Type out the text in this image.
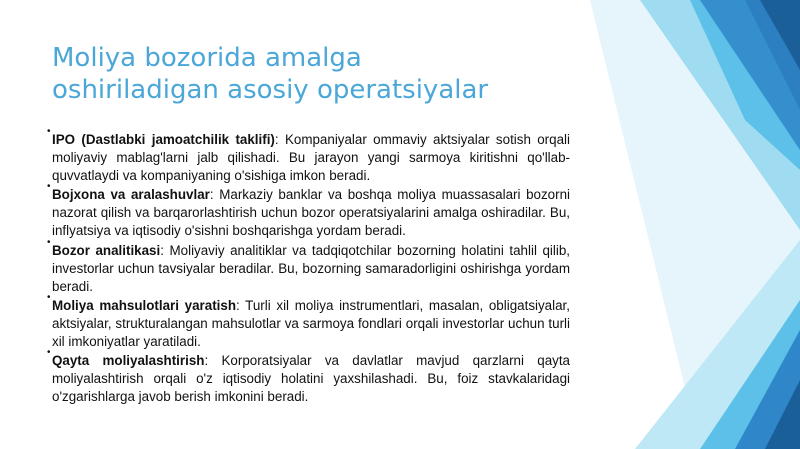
Moliya bozorida amalga
oshiriladigan asosiy operatsiyalar

•
IPO (Dastlabki jamoatchilik taklifi): Kompaniyalar ommaviy aktsiyalar sotish orqali moliyaviy mablag'larni jalb qilishadi. Bu jarayon yangi sarmoya kiritishni qo'llab-quvvatlaydi va kompaniyaning o'sishiga imkon beradi.

•
Bojxona va aralashuvlar: Markaziy banklar va boshqa moliya muassasalari bozorni nazorat qilish va barqarorlashtirish uchun bozor operatsiyalarini amalga oshiradilar. Bu, inflyatsiya va iqtisodiy o'sishni boshqarishga yordam beradi.

•
Bozor analitikasi: Moliyaviy analitiklar va tadqiqotchilar bozorning holatini tahlil qilib, investorlar uchun tavsiyalar beradilar. Bu, bozorning samaradorligini oshirishga yordam beradi.

•
Moliya mahsulotlari yaratish: Turli xil moliya instrumentlari, masalan, obligatsiyalar, aktsiyalar, strukturalangan mahsulotlar va sarmoya fondlari orqali investorlar uchun turli xil imkoniyatlar yaratiladi.

•
Qayta moliyalashtirish: Korporatsiyalar va davlatlar mavjud qarzlarni qayta moliyalashtirish orqali o'z iqtisodiy holatini yaxshilashadi. Bu, foiz stavkalaridagi o'zgarishlarga javob berish imkonini beradi.
